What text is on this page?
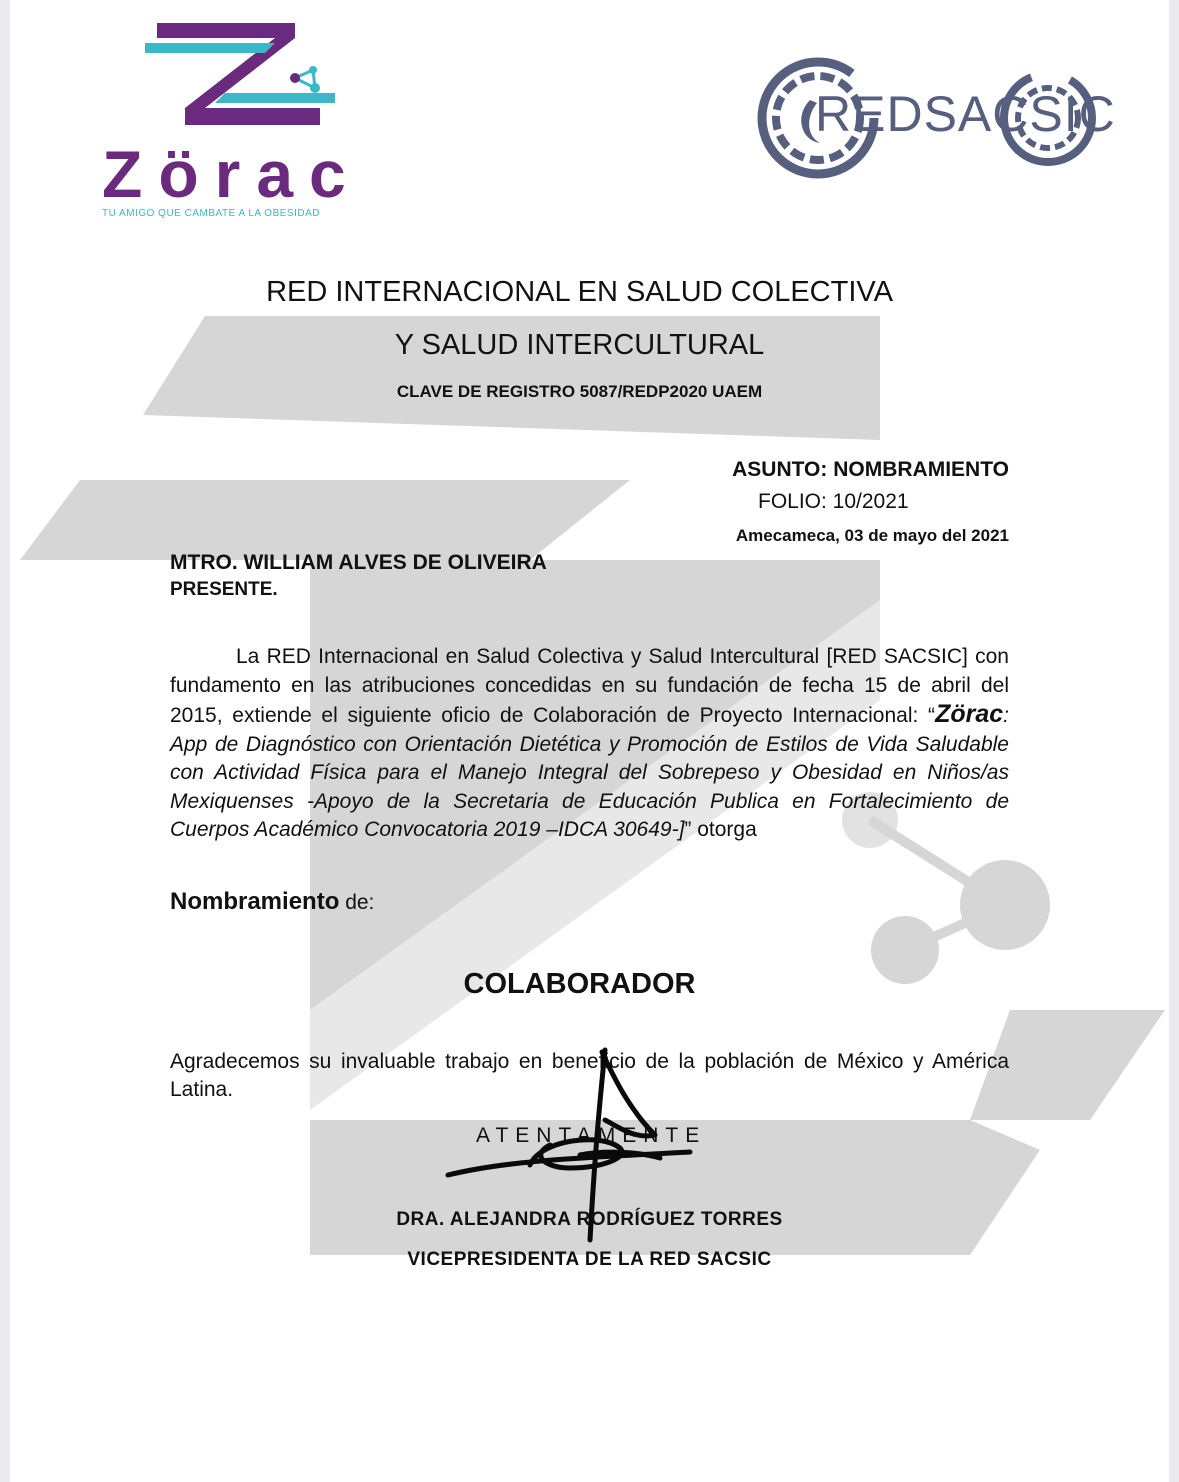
Zörac
TU AMIGO QUE CAMBATE A LA OBESIDAD
REDSACSIC
RED INTERNACIONAL EN SALUD COLECTIVA
Y SALUD INTERCULTURAL
CLAVE DE REGISTRO 5087/REDP2020 UAEM
ASUNTO: NOMBRAMIENTO
FOLIO: 10/2021
Amecameca, 03 de mayo del 2021
MTRO. WILLIAM ALVES DE OLIVEIRA
PRESENTE.
La RED Internacional en Salud Colectiva y Salud Intercultural [RED SACSIC] con fundamento en las atribuciones concedidas en su fundación de fecha 15 de abril del 2015, extiende el siguiente oficio de Colaboración de Proyecto Internacional: “Zörac: App de Diagnóstico con Orientación Dietética y Promoción de Estilos de Vida Saludable con Actividad Física para el Manejo Integral del Sobrepeso y Obesidad en Niños/as Mexiquenses -Apoyo de la Secretaria de Educación Publica en Fortalecimiento de Cuerpos Académico Convocatoria 2019 –IDCA 30649-]” otorga
Nombramiento de:
COLABORADOR
Agradecemos su invaluable trabajo en beneficio de la población de México y América Latina.
ATENTAMENTE
DRA. ALEJANDRA RODRÍGUEZ TORRES
VICEPRESIDENTA DE LA RED SACSIC
